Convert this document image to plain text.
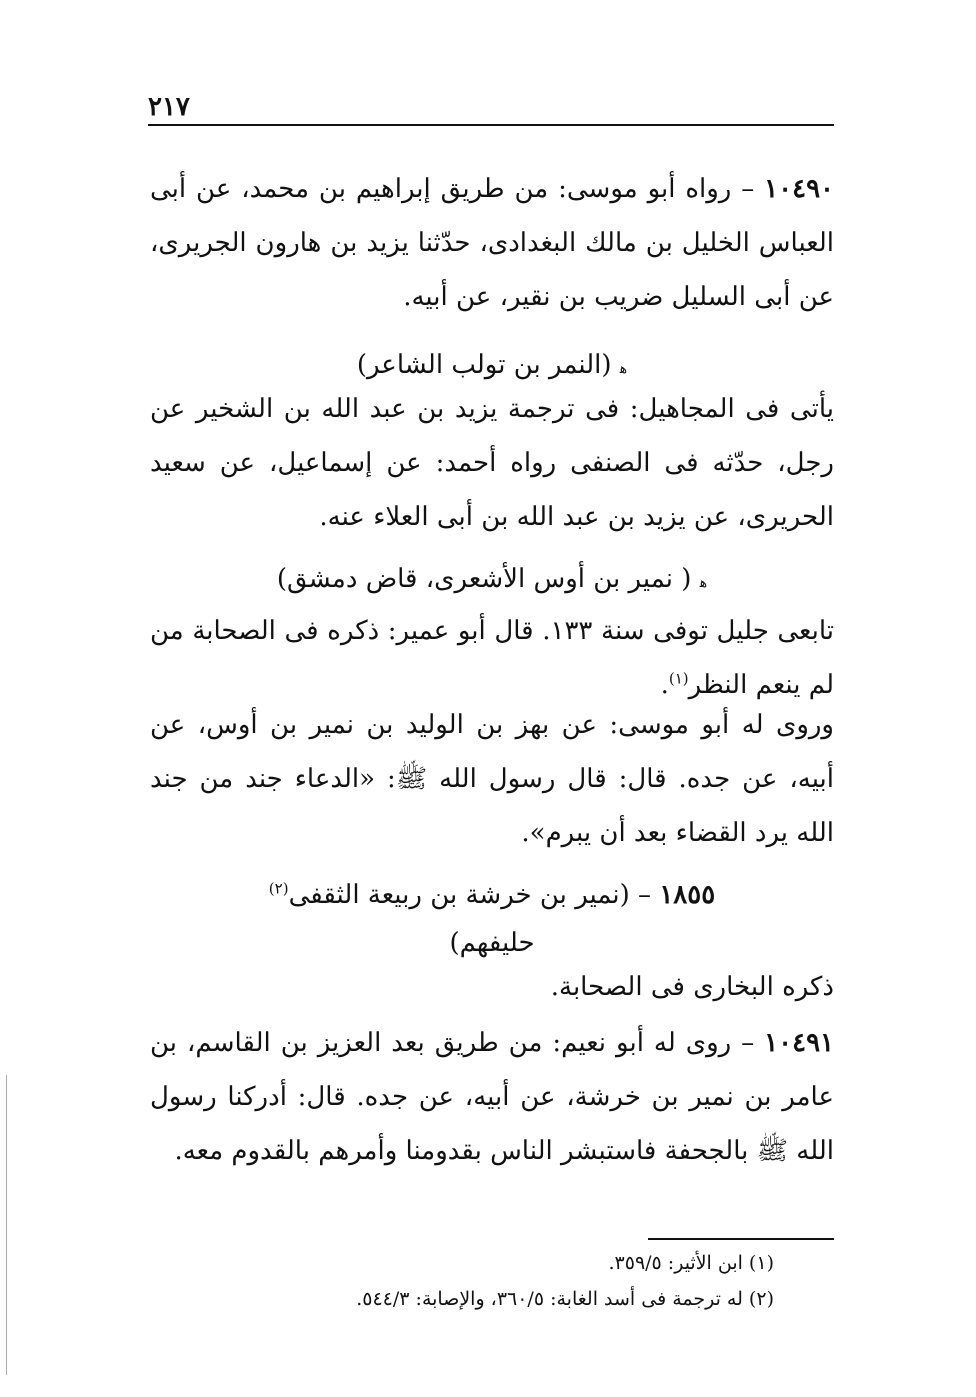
٢١٧
١٠٤٩٠ – رواه أبو موسى: من طريق إبراهيم بن محمد، عن أبى العباس الخليل بن مالك البغدادى، حدّثنا يزيد بن هارون الجريرى، عن أبى السليل ضريب بن نقير، عن أبيه.
ﻫ (النمر بن تولب الشاعر)
يأتى فى المجاهيل: فى ترجمة يزيد بن عبد الله بن الشخير عن رجل، حدّثه فى الصنفى رواه أحمد: عن إسماعيل، عن سعيد الحريرى، عن يزيد بن عبد الله بن أبى العلاء عنه.
ﻫ ( نمير بن أوس الأشعرى، قاض دمشق)
تابعى جليل توفى سنة ١٣٣. قال أبو عمير: ذكره فى الصحابة من لم ينعم النظر$^{(١)}$.
وروى له أبو موسى: عن بهز بن الوليد بن نمير بن أوس، عن أبيه، عن جده. قال: قال رسول الله ﷺ: «الدعاء جند من جند الله يرد القضاء بعد أن يبرم».
١٨٥٥ – (نمير بن خرشة بن ربيعة الثقفى$^{(٢)}$
حليفهم)
ذكره البخارى فى الصحابة.
١٠٤٩١ – روى له أبو نعيم: من طريق بعد العزيز بن القاسم، بن عامر بن نمير بن خرشة، عن أبيه، عن جده. قال: أدركنا رسول الله ﷺ بالجحفة فاستبشر الناس بقدومنا وأمرهم بالقدوم معه.
(١) ابن الأثير: ٣٥٩/٥.
(٢) له ترجمة فى أسد الغابة: ٣٦٠/٥، والإصابة: ٥٤٤/٣.
